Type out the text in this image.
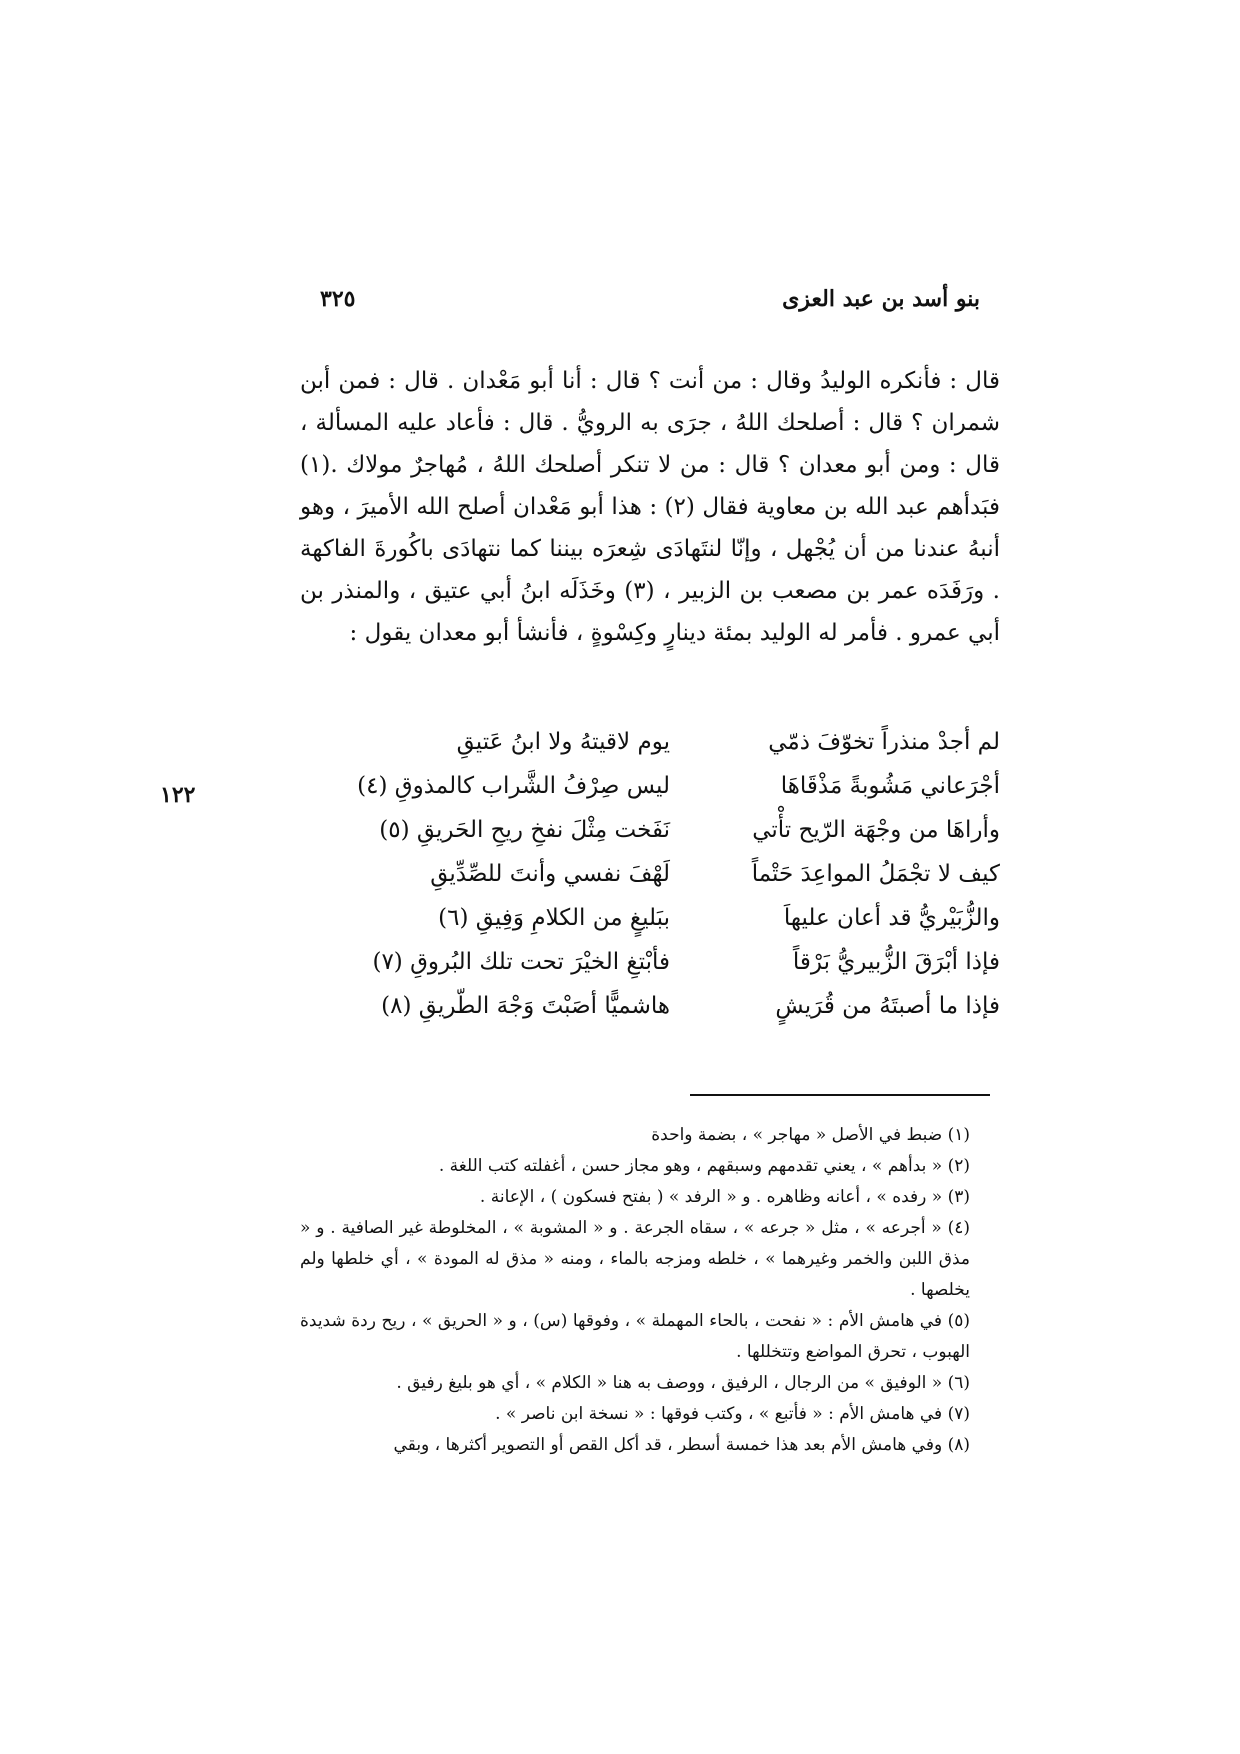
بنو أسد بن عبد العزى
٣٢٥

قال : فأنكره الوليدُ وقال : من أنت ؟ قال : أنا أبو مَعْدان . قال : فمن أبن شمران ؟ قال : أصلحك اللهُ ، جرَى به الرويُّ . قال : فأعاد عليه المسألة ، قال : ومن أبو معدان ؟ قال : من لا تنكر أصلحك اللهُ ، مُهاجرٌ مولاك .(١) فبَدأهم عبد الله بن معاوية فقال (٢) : هذا أبو مَعْدان أصلح الله الأميرَ ، وهو أنبهُ عندنا من أن يُجْهل ، وإنّا لنتَهادَى شِعرَه بيننا كما نتهادَى باكُورةَ الفاكهة . ورَفَدَه عمر بن مصعب بن الزبير ، (٣) وخَذَلَه ابنُ أبي عتيق ، والمنذر بن أبي عمرو . فأمر له الوليد بمئة دينارٍ وكِسْوةٍ ، فأنشأ أبو معدان يقول :

١٢٢
لم أجدْ منذراً تخوّفَ ذمّي
يوم لاقيتهُ ولا ابنُ عَتيقِ
أجْرَعاني مَشُوبةً مَذْقَاهَا
ليس صِرْفُ الشَّراب كالمذوقِ (٤)
وأراهَا من وجْهَة الرّيح تأْتي
نَفَخت مِثْلَ نفخِ ريحِ الحَريقِ (٥)
كيف لا تجْمَلُ المواعِدَ حَتْماً
لَهْفَ نفسي وأنتَ للصِّدِّيقِ
والزُّبَيْريُّ قد أعان عليهاَ
ببَليغٍ من الكلامِ وَفِيقِ (٦)
فإذا أبْرَقَ الزُّبيريُّ بَرْقاً
فأبْتغِ الخيْرَ تحت تلك البُروقِ (٧)
فإذا ما أصبتَهُ من قُرَيشٍ
هاشميًّا أصَبْتَ وَجْهَ الطّريقِ (٨)

(١) ضبط في الأصل « مهاجر » ، بضمة واحدة

(٢) « بدأهم » ، يعني تقدمهم وسبقهم ، وهو مجاز حسن ، أغفلته كتب اللغة .

(٣) « رفده » ، أعانه وظاهره . و « الرفد » ( بفتح فسكون ) ، الإعانة .

(٤) « أجرعه » ، مثل « جرعه » ، سقاه الجرعة . و « المشوبة » ، المخلوطة غير الصافية . و « مذق اللبن والخمر وغيرهما » ، خلطه ومزجه بالماء ، ومنه « مذق له المودة » ، أي خلطها ولم يخلصها .

(٥) في هامش الأم : « نفحت ، بالحاء المهملة » ، وفوقها (س) ، و « الحريق » ، ريح ردة شديدة الهبوب ، تحرق المواضع وتتخللها .

(٦) « الوفيق » من الرجال ، الرفيق ، ووصف به هنا « الكلام » ، أي هو بليغ رفيق .

(٧) في هامش الأم : « فأتبع » ، وكتب فوقها : « نسخة ابن ناصر » .

(٨) وفي هامش الأم بعد هذا خمسة أسطر ، قد أكل القص أو التصوير أكثرها ، وبقي
